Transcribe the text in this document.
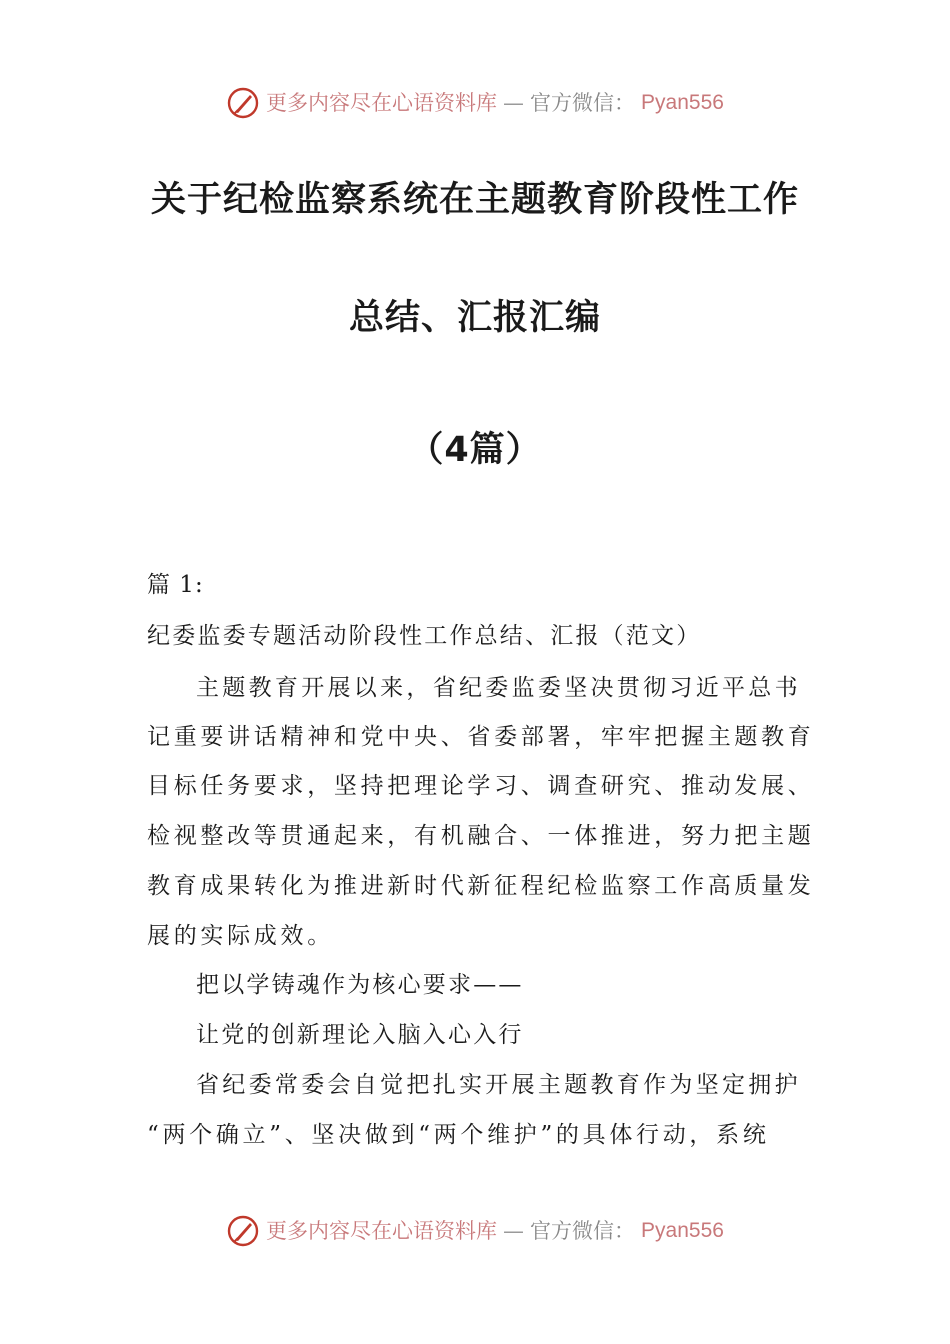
更多内容尽在心语资料库 — 官方微信： Pyan556
关于纪检监察系统在主题教育阶段性工作
总结、汇报汇编
（4篇）
篇 1:
纪委监委专题活动阶段性工作总结、汇报（范文）
主题教育开展以来，省纪委监委坚决贯彻习近平总书
记重要讲话精神和党中央、省委部署，牢牢把握主题教育
目标任务要求，坚持把理论学习、调查研究、推动发展、
检视整改等贯通起来，有机融合、一体推进，努力把主题
教育成果转化为推进新时代新征程纪检监察工作高质量发
展的实际成效。
把以学铸魂作为核心要求——
让党的创新理论入脑入心入行
省纪委常委会自觉把扎实开展主题教育作为坚定拥护
“两个确立”、坚决做到“两个维护”的具体行动，系统
更多内容尽在心语资料库 — 官方微信： Pyan556
